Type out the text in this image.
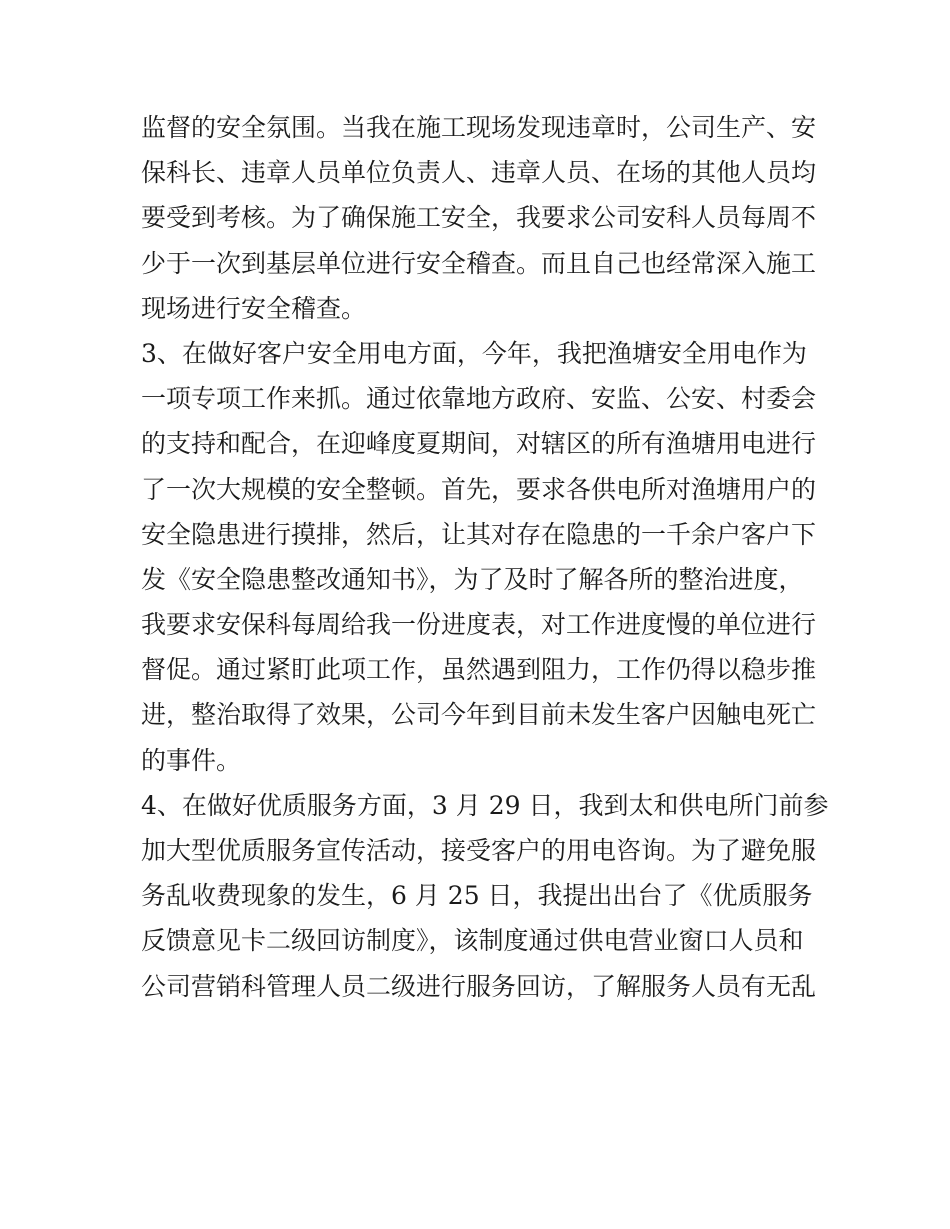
监督的安全氛围。当我在施工现场发现违章时，公司生产、安
保科长、违章人员单位负责人、违章人员、在场的其他人员均
要受到考核。为了确保施工安全，我要求公司安科人员每周不
少于一次到基层单位进行安全稽查。而且自己也经常深入施工
现场进行安全稽查。
3、在做好客户安全用电方面，今年，我把渔塘安全用电作为
一项专项工作来抓。通过依靠地方政府、安监、公安、村委会
的支持和配合，在迎峰度夏期间，对辖区的所有渔塘用电进行
了一次大规模的安全整顿。首先，要求各供电所对渔塘用户的
安全隐患进行摸排，然后，让其对存在隐患的一千余户客户下
发《安全隐患整改通知书》，为了及时了解各所的整治进度，
我要求安保科每周给我一份进度表，对工作进度慢的单位进行
督促。通过紧盯此项工作，虽然遇到阻力，工作仍得以稳步推
进，整治取得了效果，公司今年到目前未发生客户因触电死亡
的事件。
4、在做好优质服务方面，3 月 29 日，我到太和供电所门前参
加大型优质服务宣传活动，接受客户的用电咨询。为了避免服
务乱收费现象的发生，6 月 25 日，我提出出台了《优质服务
反馈意见卡二级回访制度》，该制度通过供电营业窗口人员和
公司营销科管理人员二级进行服务回访，了解服务人员有无乱
